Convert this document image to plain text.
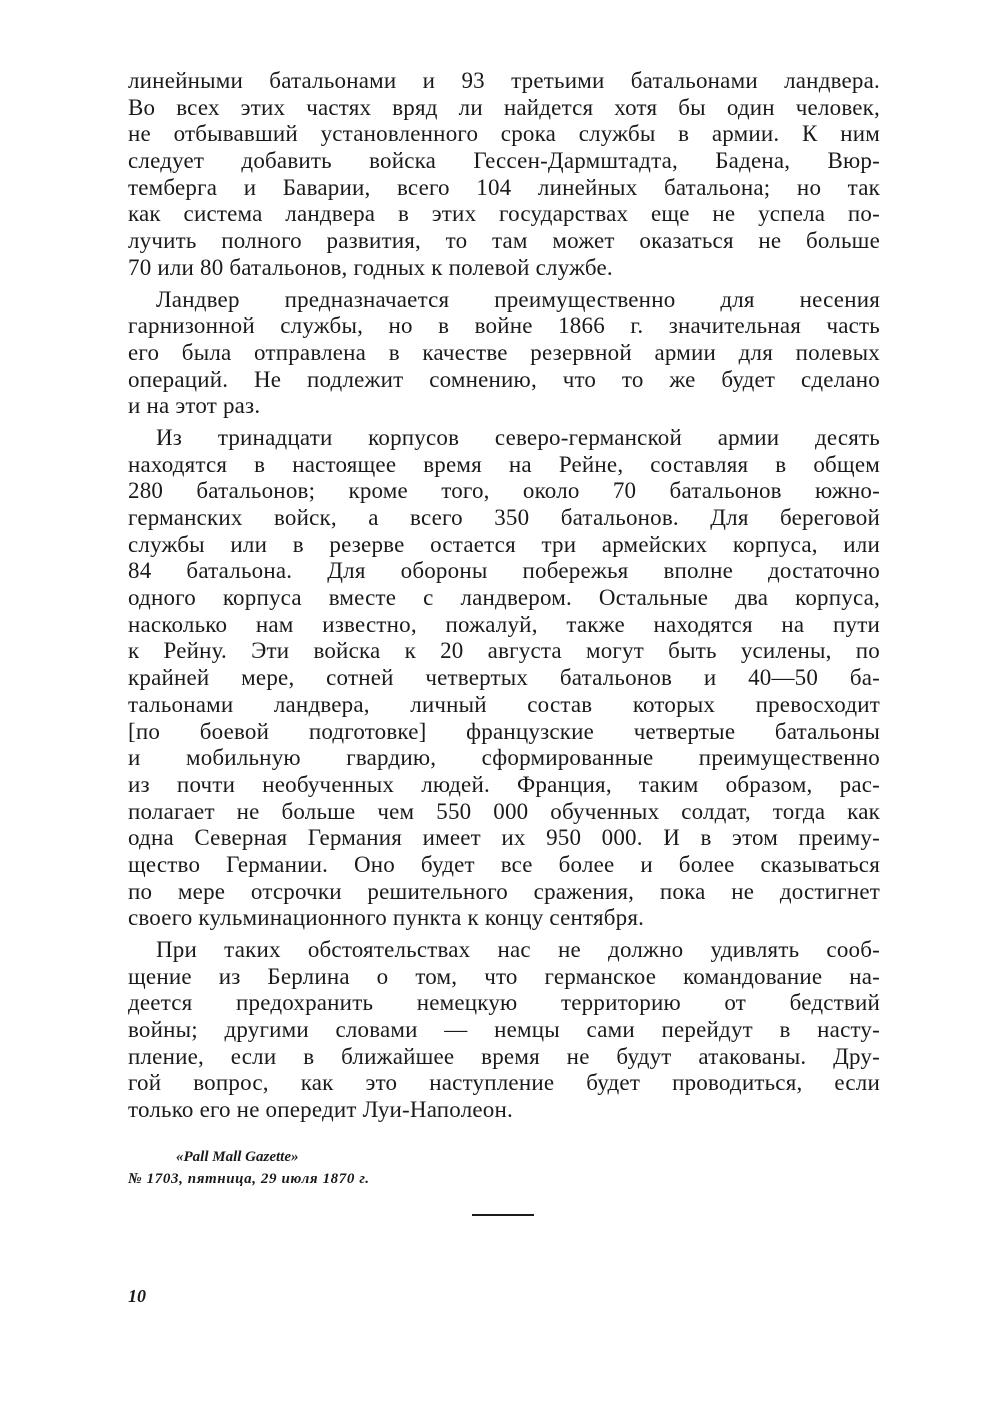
линейными батальонами и 93 третьими батальонами ландвера.
Во всех этих частях вряд ли найдется хотя бы один человек,
не отбывавший установленного срока службы в армии. К ним
следует добавить войска Гессен-Дармштадта, Бадена, Вюр-
темберга и Баварии, всего 104 линейных батальона; но так
как система ландвера в этих государствах еще не успела по-
лучить полного развития, то там может оказаться не больше
70 или 80 батальонов, годных к полевой службе.
Ландвер предназначается преимущественно для несения
гарнизонной службы, но в войне 1866 г. значительная часть
его была отправлена в качестве резервной армии для полевых
операций. Не подлежит сомнению, что то же будет сделано
и на этот раз.
Из тринадцати корпусов северо-германской армии десять
находятся в настоящее время на Рейне, составляя в общем
280 батальонов; кроме того, около 70 батальонов южно-
германских войск, а всего 350 батальонов. Для береговой
службы или в резерве остается три армейских корпуса, или
84 батальона. Для обороны побережья вполне достаточно
одного корпуса вместе с ландвером. Остальные два корпуса,
насколько нам известно, пожалуй, также находятся на пути
к Рейну. Эти войска к 20 августа могут быть усилены, по
крайней мере, сотней четвертых батальонов и 40—50 ба-
тальонами ландвера, личный состав которых превосходит
[по боевой подготовке] французские четвертые батальоны
и мобильную гвардию, сформированные преимущественно
из почти необученных людей. Франция, таким образом, рас-
полагает не больше чем 550 000 обученных солдат, тогда как
одна Северная Германия имеет их 950 000. И в этом преиму-
щество Германии. Оно будет все более и более сказываться
по мере отсрочки решительного сражения, пока не достигнет
своего кульминационного пункта к концу сентября.
При таких обстоятельствах нас не должно удивлять сооб-
щение из Берлина о том, что германское командование на-
деется предохранить немецкую территорию от бедствий
войны; другими словами — немцы сами перейдут в насту-
пление, если в ближайшее время не будут атакованы. Дру-
гой вопрос, как это наступление будет проводиться, если
только его не опередит Луи-Наполеон.
«Pall Mall Gazette»
№ 1703, пятница, 29 июля 1870 г.
10
